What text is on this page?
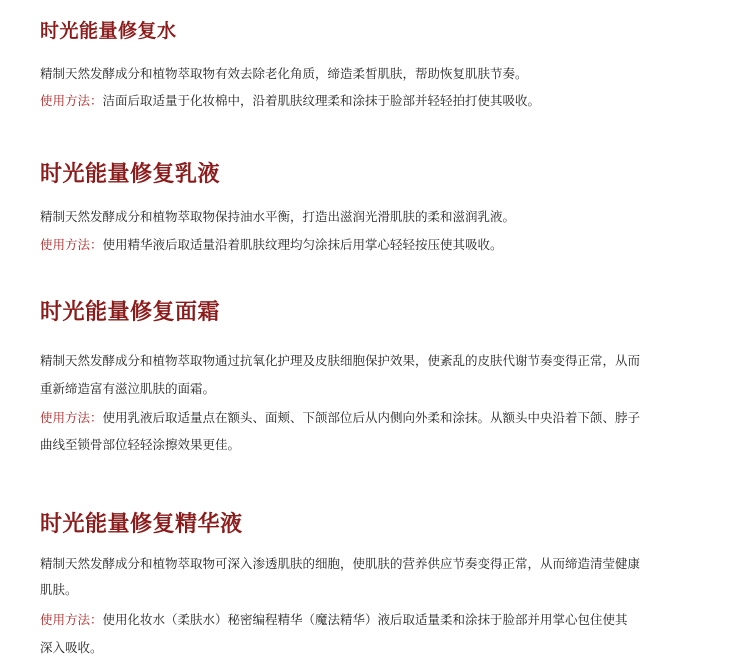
时光能量修复水

精制天然发酵成分和植物萃取物有效去除老化角质，缔造柔皙肌肤，帮助恢复肌肤节奏。

使用方法：洁面后取适量于化妆棉中，沿着肌肤纹理柔和涂抹于脸部并轻轻拍打使其吸收。

时光能量修复乳液

精制天然发酵成分和植物萃取物保持油水平衡，打造出滋润光滑肌肤的柔和滋润乳液。

使用方法：使用精华液后取适量沿着肌肤纹理均匀涂抹后用掌心轻轻按压使其吸收。

时光能量修复面霜

精制天然发酵成分和植物萃取物通过抗氧化护理及皮肤细胞保护效果，使紊乱的皮肤代谢节奏变得正常，从而

重新缔造富有滋泣肌肤的面霜。

使用方法：使用乳液后取适量点在额头、面颊、下颌部位后从内侧向外柔和涂抹。从额头中央沿着下颌、脖子

曲线至锁骨部位轻轻涂擦效果更佳。

时光能量修复精华液

精制天然发酵成分和植物萃取物可深入渗透肌肤的细胞，使肌肤的营养供应节奏变得正常，从而缔造清莹健康

肌肤。

使用方法：使用化妆水（柔肤水）秘密编程精华（魔法精华）液后取适量柔和涂抹于脸部并用掌心包住使其

深入吸收。
